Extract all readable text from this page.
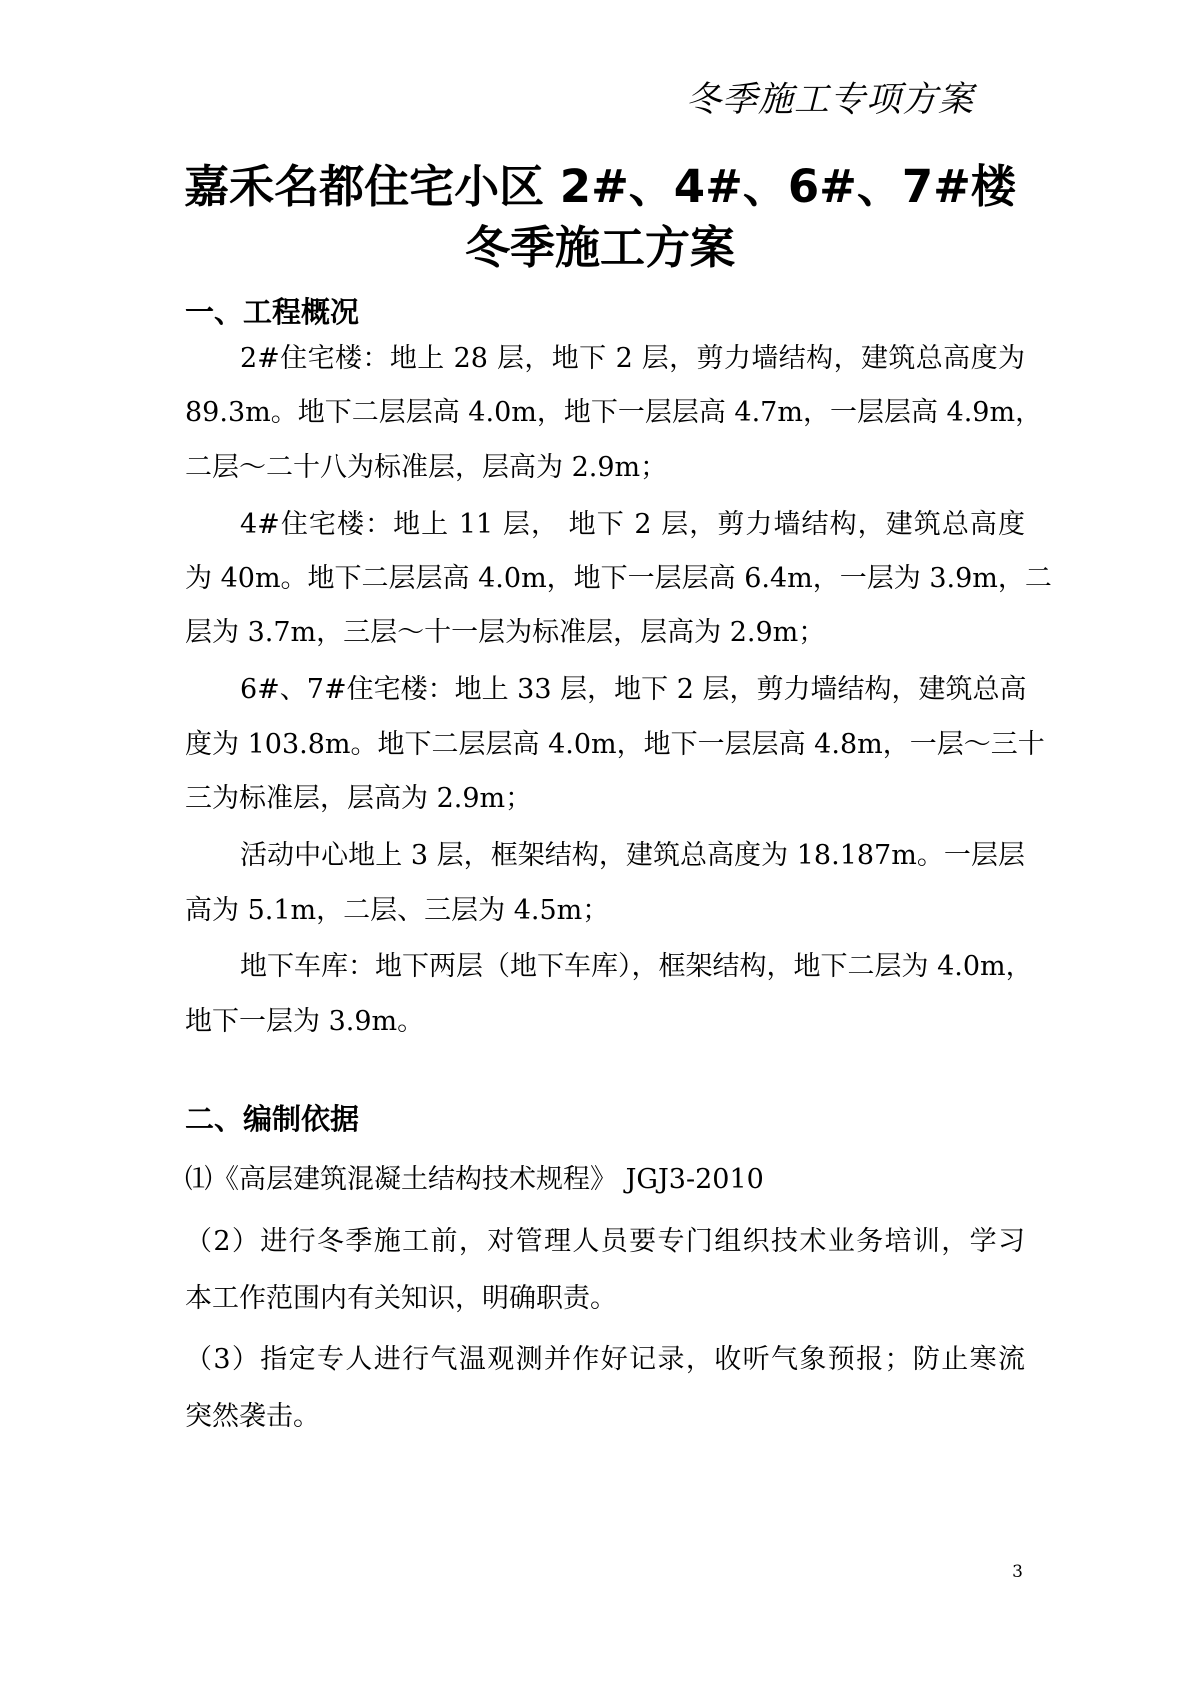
冬季施工专项方案
嘉禾名都住宅小区 2#、4#、6#、7#楼
冬季施工方案
一、工程概况
2#住宅楼：地上 28 层，地下 2 层，剪力墙结构，建筑总高度为
89.3m。地下二层层高 4.0m，地下一层层高 4.7m，一层层高 4.9m，
二层～二十八为标准层，层高为 2.9m；
4#住宅楼：地上 11 层， 地下 2 层，剪力墙结构，建筑总高度
为 40m。地下二层层高 4.0m，地下一层层高 6.4m，一层为 3.9m，二
层为 3.7m，三层～十一层为标准层，层高为 2.9m；
6#、7#住宅楼：地上 33 层，地下 2 层，剪力墙结构，建筑总高
度为 103.8m。地下二层层高 4.0m，地下一层层高 4.8m，一层～三十
三为标准层，层高为 2.9m；
活动中心地上 3 层，框架结构，建筑总高度为 18.187m。一层层
高为 5.1m，二层、三层为 4.5m；
地下车库：地下两层（地下车库），框架结构，地下二层为 4.0m，
地下一层为 3.9m。
二、编制依据
⑴《高层建筑混凝土结构技术规程》 JGJ3-2010
（2）进行冬季施工前，对管理人员要专门组织技术业务培训，学习
本工作范围内有关知识，明确职责。
（3）指定专人进行气温观测并作好记录，收听气象预报；防止寒流
突然袭击。
3
